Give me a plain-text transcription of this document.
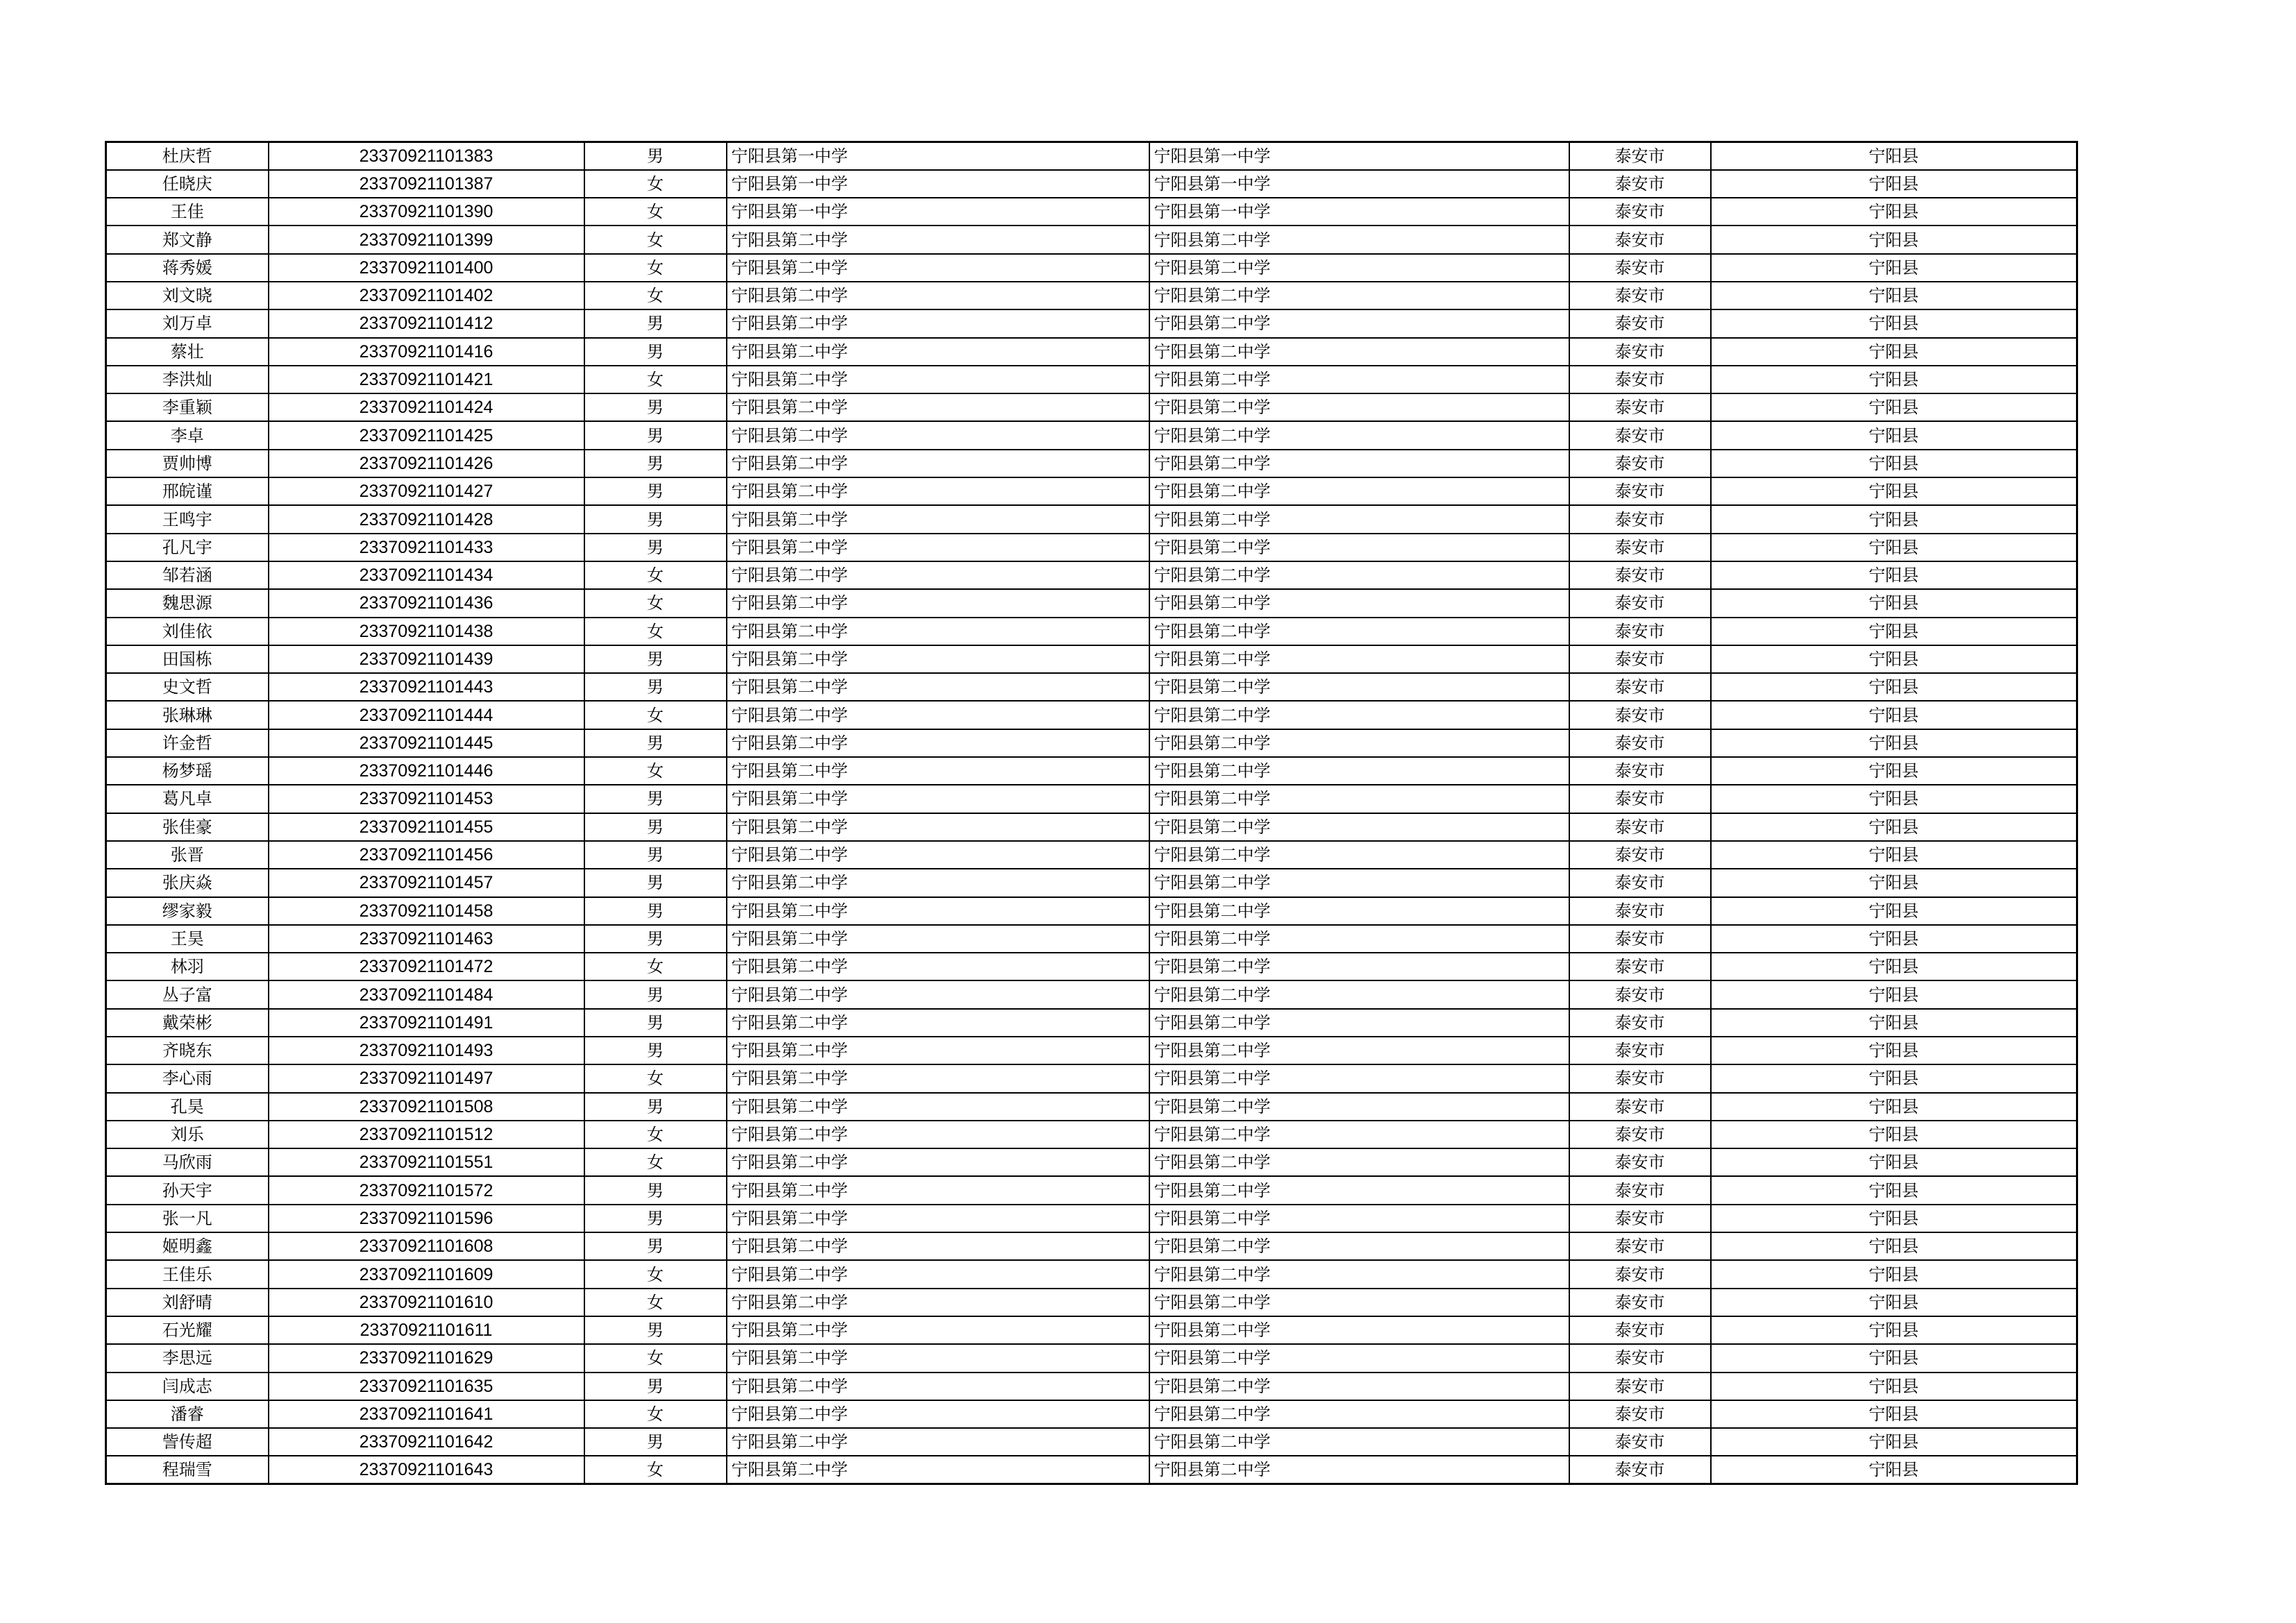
杜庆哲	23370921101383	男	宁阳县第一中学	宁阳县第一中学	泰安市	宁阳县
任晓庆	23370921101387	女	宁阳县第一中学	宁阳县第一中学	泰安市	宁阳县
王佳	23370921101390	女	宁阳县第一中学	宁阳县第一中学	泰安市	宁阳县
郑文静	23370921101399	女	宁阳县第二中学	宁阳县第二中学	泰安市	宁阳县
蒋秀媛	23370921101400	女	宁阳县第二中学	宁阳县第二中学	泰安市	宁阳县
刘文晓	23370921101402	女	宁阳县第二中学	宁阳县第二中学	泰安市	宁阳县
刘万卓	23370921101412	男	宁阳县第二中学	宁阳县第二中学	泰安市	宁阳县
蔡壮	23370921101416	男	宁阳县第二中学	宁阳县第二中学	泰安市	宁阳县
李洪灿	23370921101421	女	宁阳县第二中学	宁阳县第二中学	泰安市	宁阳县
李重颖	23370921101424	男	宁阳县第二中学	宁阳县第二中学	泰安市	宁阳县
李卓	23370921101425	男	宁阳县第二中学	宁阳县第二中学	泰安市	宁阳县
贾帅博	23370921101426	男	宁阳县第二中学	宁阳县第二中学	泰安市	宁阳县
邢皖谨	23370921101427	男	宁阳县第二中学	宁阳县第二中学	泰安市	宁阳县
王鸣宇	23370921101428	男	宁阳县第二中学	宁阳县第二中学	泰安市	宁阳县
孔凡宇	23370921101433	男	宁阳县第二中学	宁阳县第二中学	泰安市	宁阳县
邹若涵	23370921101434	女	宁阳县第二中学	宁阳县第二中学	泰安市	宁阳县
魏思源	23370921101436	女	宁阳县第二中学	宁阳县第二中学	泰安市	宁阳县
刘佳依	23370921101438	女	宁阳县第二中学	宁阳县第二中学	泰安市	宁阳县
田国栋	23370921101439	男	宁阳县第二中学	宁阳县第二中学	泰安市	宁阳县
史文哲	23370921101443	男	宁阳县第二中学	宁阳县第二中学	泰安市	宁阳县
张琳琳	23370921101444	女	宁阳县第二中学	宁阳县第二中学	泰安市	宁阳县
许金哲	23370921101445	男	宁阳县第二中学	宁阳县第二中学	泰安市	宁阳县
杨梦瑶	23370921101446	女	宁阳县第二中学	宁阳县第二中学	泰安市	宁阳县
葛凡卓	23370921101453	男	宁阳县第二中学	宁阳县第二中学	泰安市	宁阳县
张佳豪	23370921101455	男	宁阳县第二中学	宁阳县第二中学	泰安市	宁阳县
张晋	23370921101456	男	宁阳县第二中学	宁阳县第二中学	泰安市	宁阳县
张庆焱	23370921101457	男	宁阳县第二中学	宁阳县第二中学	泰安市	宁阳县
缪家毅	23370921101458	男	宁阳县第二中学	宁阳县第二中学	泰安市	宁阳县
王昊	23370921101463	男	宁阳县第二中学	宁阳县第二中学	泰安市	宁阳县
林羽	23370921101472	女	宁阳县第二中学	宁阳县第二中学	泰安市	宁阳县
丛子富	23370921101484	男	宁阳县第二中学	宁阳县第二中学	泰安市	宁阳县
戴荣彬	23370921101491	男	宁阳县第二中学	宁阳县第二中学	泰安市	宁阳县
齐晓东	23370921101493	男	宁阳县第二中学	宁阳县第二中学	泰安市	宁阳县
李心雨	23370921101497	女	宁阳县第二中学	宁阳县第二中学	泰安市	宁阳县
孔昊	23370921101508	男	宁阳县第二中学	宁阳县第二中学	泰安市	宁阳县
刘乐	23370921101512	女	宁阳县第二中学	宁阳县第二中学	泰安市	宁阳县
马欣雨	23370921101551	女	宁阳县第二中学	宁阳县第二中学	泰安市	宁阳县
孙天宇	23370921101572	男	宁阳县第二中学	宁阳县第二中学	泰安市	宁阳县
张一凡	23370921101596	男	宁阳县第二中学	宁阳县第二中学	泰安市	宁阳县
姬明鑫	23370921101608	男	宁阳县第二中学	宁阳县第二中学	泰安市	宁阳县
王佳乐	23370921101609	女	宁阳县第二中学	宁阳县第二中学	泰安市	宁阳县
刘舒晴	23370921101610	女	宁阳县第二中学	宁阳县第二中学	泰安市	宁阳县
石光耀	23370921101611	男	宁阳县第二中学	宁阳县第二中学	泰安市	宁阳县
李思远	23370921101629	女	宁阳县第二中学	宁阳县第二中学	泰安市	宁阳县
闫成志	23370921101635	男	宁阳县第二中学	宁阳县第二中学	泰安市	宁阳县
潘睿	23370921101641	女	宁阳县第二中学	宁阳县第二中学	泰安市	宁阳县
訾传超	23370921101642	男	宁阳县第二中学	宁阳县第二中学	泰安市	宁阳县
程瑞雪	23370921101643	女	宁阳县第二中学	宁阳县第二中学	泰安市	宁阳县
